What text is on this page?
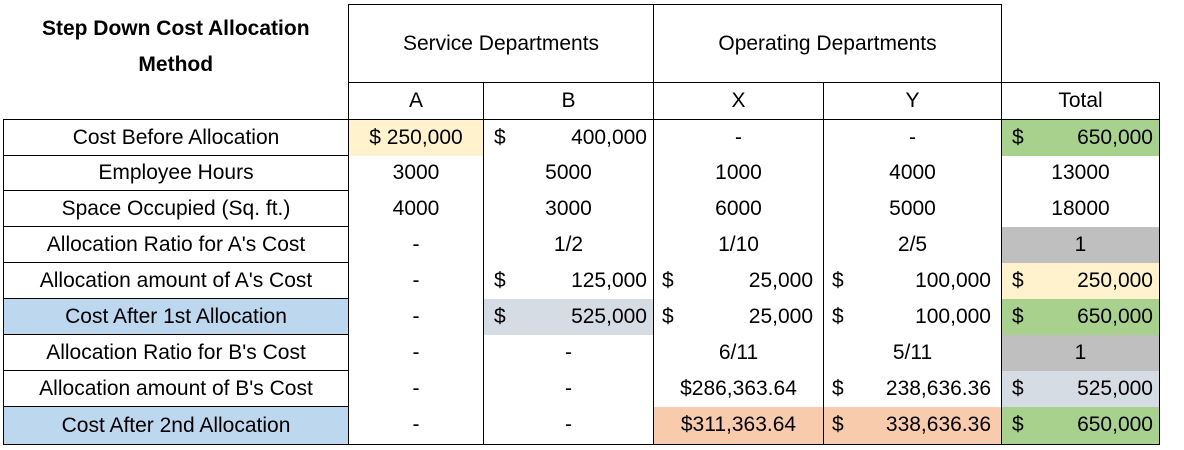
Step Down Cost Allocation Method	Service Departments		Operating Departments		
	A	B	X	Y	Total
Cost Before Allocation	$ 250,000	$ 400,000	-	-	$ 650,000

Employee Hours	3000	5000	1000	4000	13000
Space Occupied (Sq. ft.)	4000	3000	6000	5000	18000
Allocation Ratio for A's Cost	-	1/2	1/10	2/5	1
Allocation amount of A's Cost	-	$ 125,000	$ 25,000	$ 100,000	$ 250,000

Cost After 1st Allocation	-	$ 525,000	$ 25,000	$ 100,000	$ 650,000

Allocation Ratio for B's Cost	-	-	6/11	5/11	1
Allocation amount of B's Cost	-	-	$286,363.64	$ 238,636.36	$ 525,000

Cost After 2nd Allocation	-	-	$311,363.64	$ 338,636.36	$ 650,000
